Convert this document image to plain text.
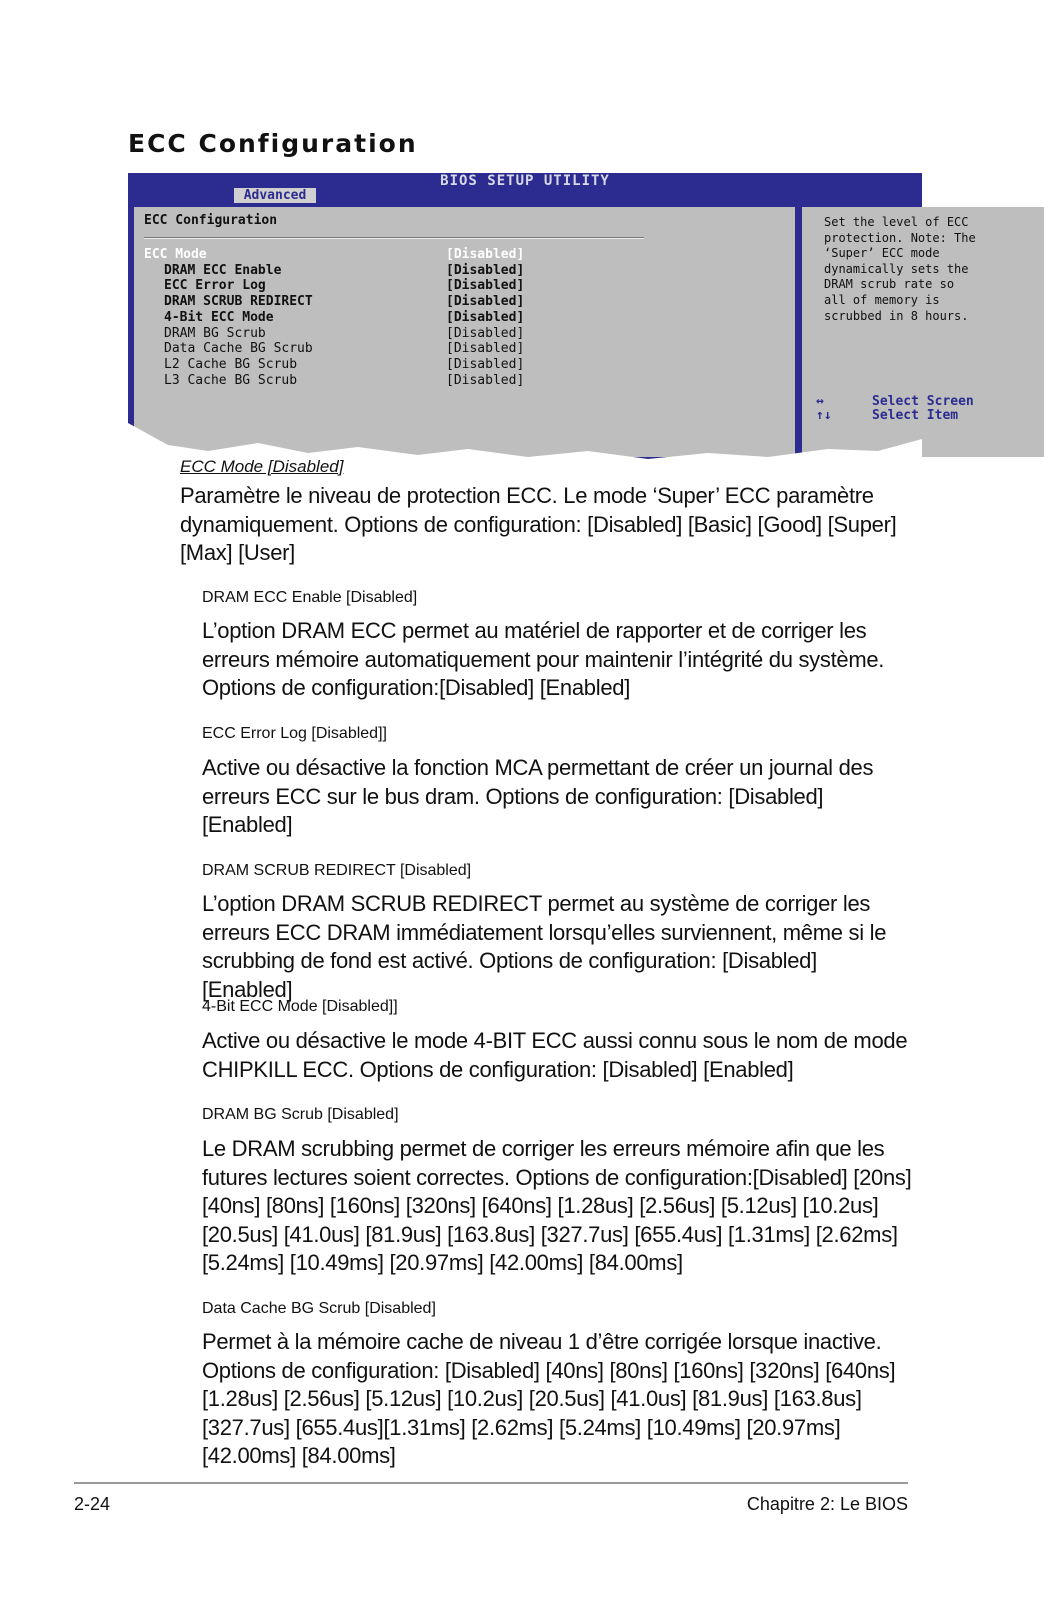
ECC Configuration
BIOS SETUP UTILITY
Advanced
ECC Configuration
ECC Mode	[Disabled]
DRAM ECC Enable	[Disabled]
ECC Error Log	[Disabled]
DRAM SCRUB REDIRECT	[Disabled]
4-Bit ECC Mode	[Disabled]
DRAM BG Scrub	[Disabled]
Data Cache BG Scrub	[Disabled]
L2 Cache BG Scrub	[Disabled]
L3 Cache BG Scrub	[Disabled]
Set the level of ECC
protection. Note: The
‘Super’ ECC mode
dynamically sets the
DRAM scrub rate so
all of memory is
scrubbed in 8 hours.
↔	Select Screen
↑↓	Select Item
ECC Mode [Disabled]
Paramètre le niveau de protection ECC. Le mode ‘Super’ ECC paramètre dynamiquement. Options de configuration: [Disabled] [Basic] [Good] [Super] [Max] [User]
DRAM ECC Enable [Disabled]
L’option DRAM ECC permet au matériel de rapporter et de corriger les erreurs mémoire automatiquement pour maintenir l’intégrité du système. Options de configuration:[Disabled] [Enabled]
ECC Error Log [Disabled]]
Active ou désactive la fonction MCA permettant de créer un journal des erreurs ECC sur le bus dram. Options de configuration: [Disabled] [Enabled]
DRAM SCRUB REDIRECT [Disabled]
L’option DRAM SCRUB REDIRECT permet au système de corriger les erreurs ECC DRAM immédiatement lorsqu’elles surviennent, même si le scrubbing de fond est activé. Options de configuration: [Disabled] [Enabled]
4-Bit ECC Mode [Disabled]]
Active ou désactive le mode 4-BIT ECC aussi connu sous le nom de mode CHIPKILL ECC. Options de configuration: [Disabled] [Enabled]
DRAM BG Scrub [Disabled]
Le DRAM scrubbing permet de corriger les erreurs mémoire afin que les futures lectures soient correctes. Options de configuration:[Disabled] [20ns] [40ns] [80ns] [160ns] [320ns] [640ns] [1.28us] [2.56us] [5.12us] [10.2us] [20.5us] [41.0us] [81.9us] [163.8us] [327.7us] [655.4us] [1.31ms] [2.62ms] [5.24ms] [10.49ms] [20.97ms] [42.00ms] [84.00ms]
Data Cache BG Scrub [Disabled]
Permet à la mémoire cache de niveau 1 d’être corrigée lorsque inactive. Options de configuration: [Disabled] [40ns] [80ns] [160ns] [320ns] [640ns] [1.28us] [2.56us] [5.12us] [10.2us] [20.5us] [41.0us] [81.9us] [163.8us] [327.7us] [655.4us][1.31ms] [2.62ms] [5.24ms] [10.49ms] [20.97ms] [42.00ms] [84.00ms]
2-24	Chapitre 2: Le BIOS
